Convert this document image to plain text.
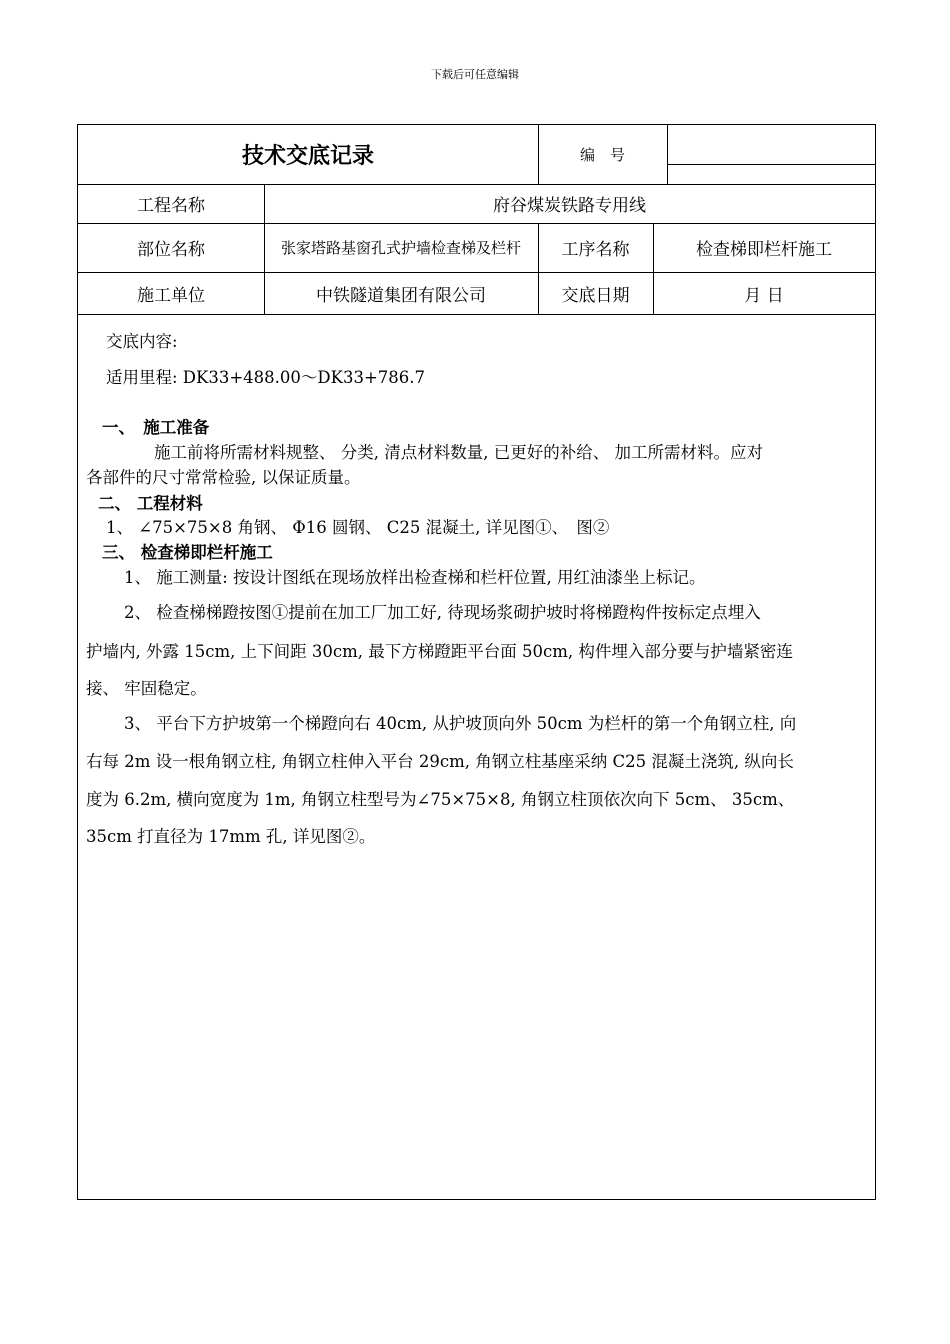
下载后可任意编辑
技术交底记录	编　号
工程名称	府谷煤炭铁路专用线
部位名称	张家塔路基窗孔式护墙检查梯及栏杆	工序名称	检查梯即栏杆施工
施工单位	中铁隧道集团有限公司	交底日期	月 日
交底内容:
适用里程: DK33+488.00～DK33+786.7
一、　施工准备
施工前将所需材料规整、 分类, 清点材料数量, 已更好的补给、 加工所需材料。应对
各部件的尺寸常常检验, 以保证质量。
二、 工程材料
1、 ∠75×75×8 角钢、 Φ16 圆钢、 C25 混凝土, 详见图①、　图②
三、 检查梯即栏杆施工
1、 施工测量: 按设计图纸在现场放样出检查梯和栏杆位置, 用红油漆坐上标记。
2、 检查梯梯蹬按图①提前在加工厂加工好, 待现场浆砌护坡时将梯蹬构件按标定点埋入
护墙内, 外露 15cm, 上下间距 30cm, 最下方梯蹬距平台面 50cm, 构件埋入部分要与护墙紧密连
接、 牢固稳定。
3、 平台下方护坡第一个梯蹬向右 40cm, 从护坡顶向外 50cm 为栏杆的第一个角钢立柱, 向
右每 2m 设一根角钢立柱, 角钢立柱伸入平台 29cm, 角钢立柱基座采纳 C25 混凝土浇筑, 纵向长
度为 6.2m, 横向宽度为 1m, 角钢立柱型号为∠75×75×8, 角钢立柱顶依次向下 5cm、 35cm、
35cm 打直径为 17mm 孔, 详见图②。
